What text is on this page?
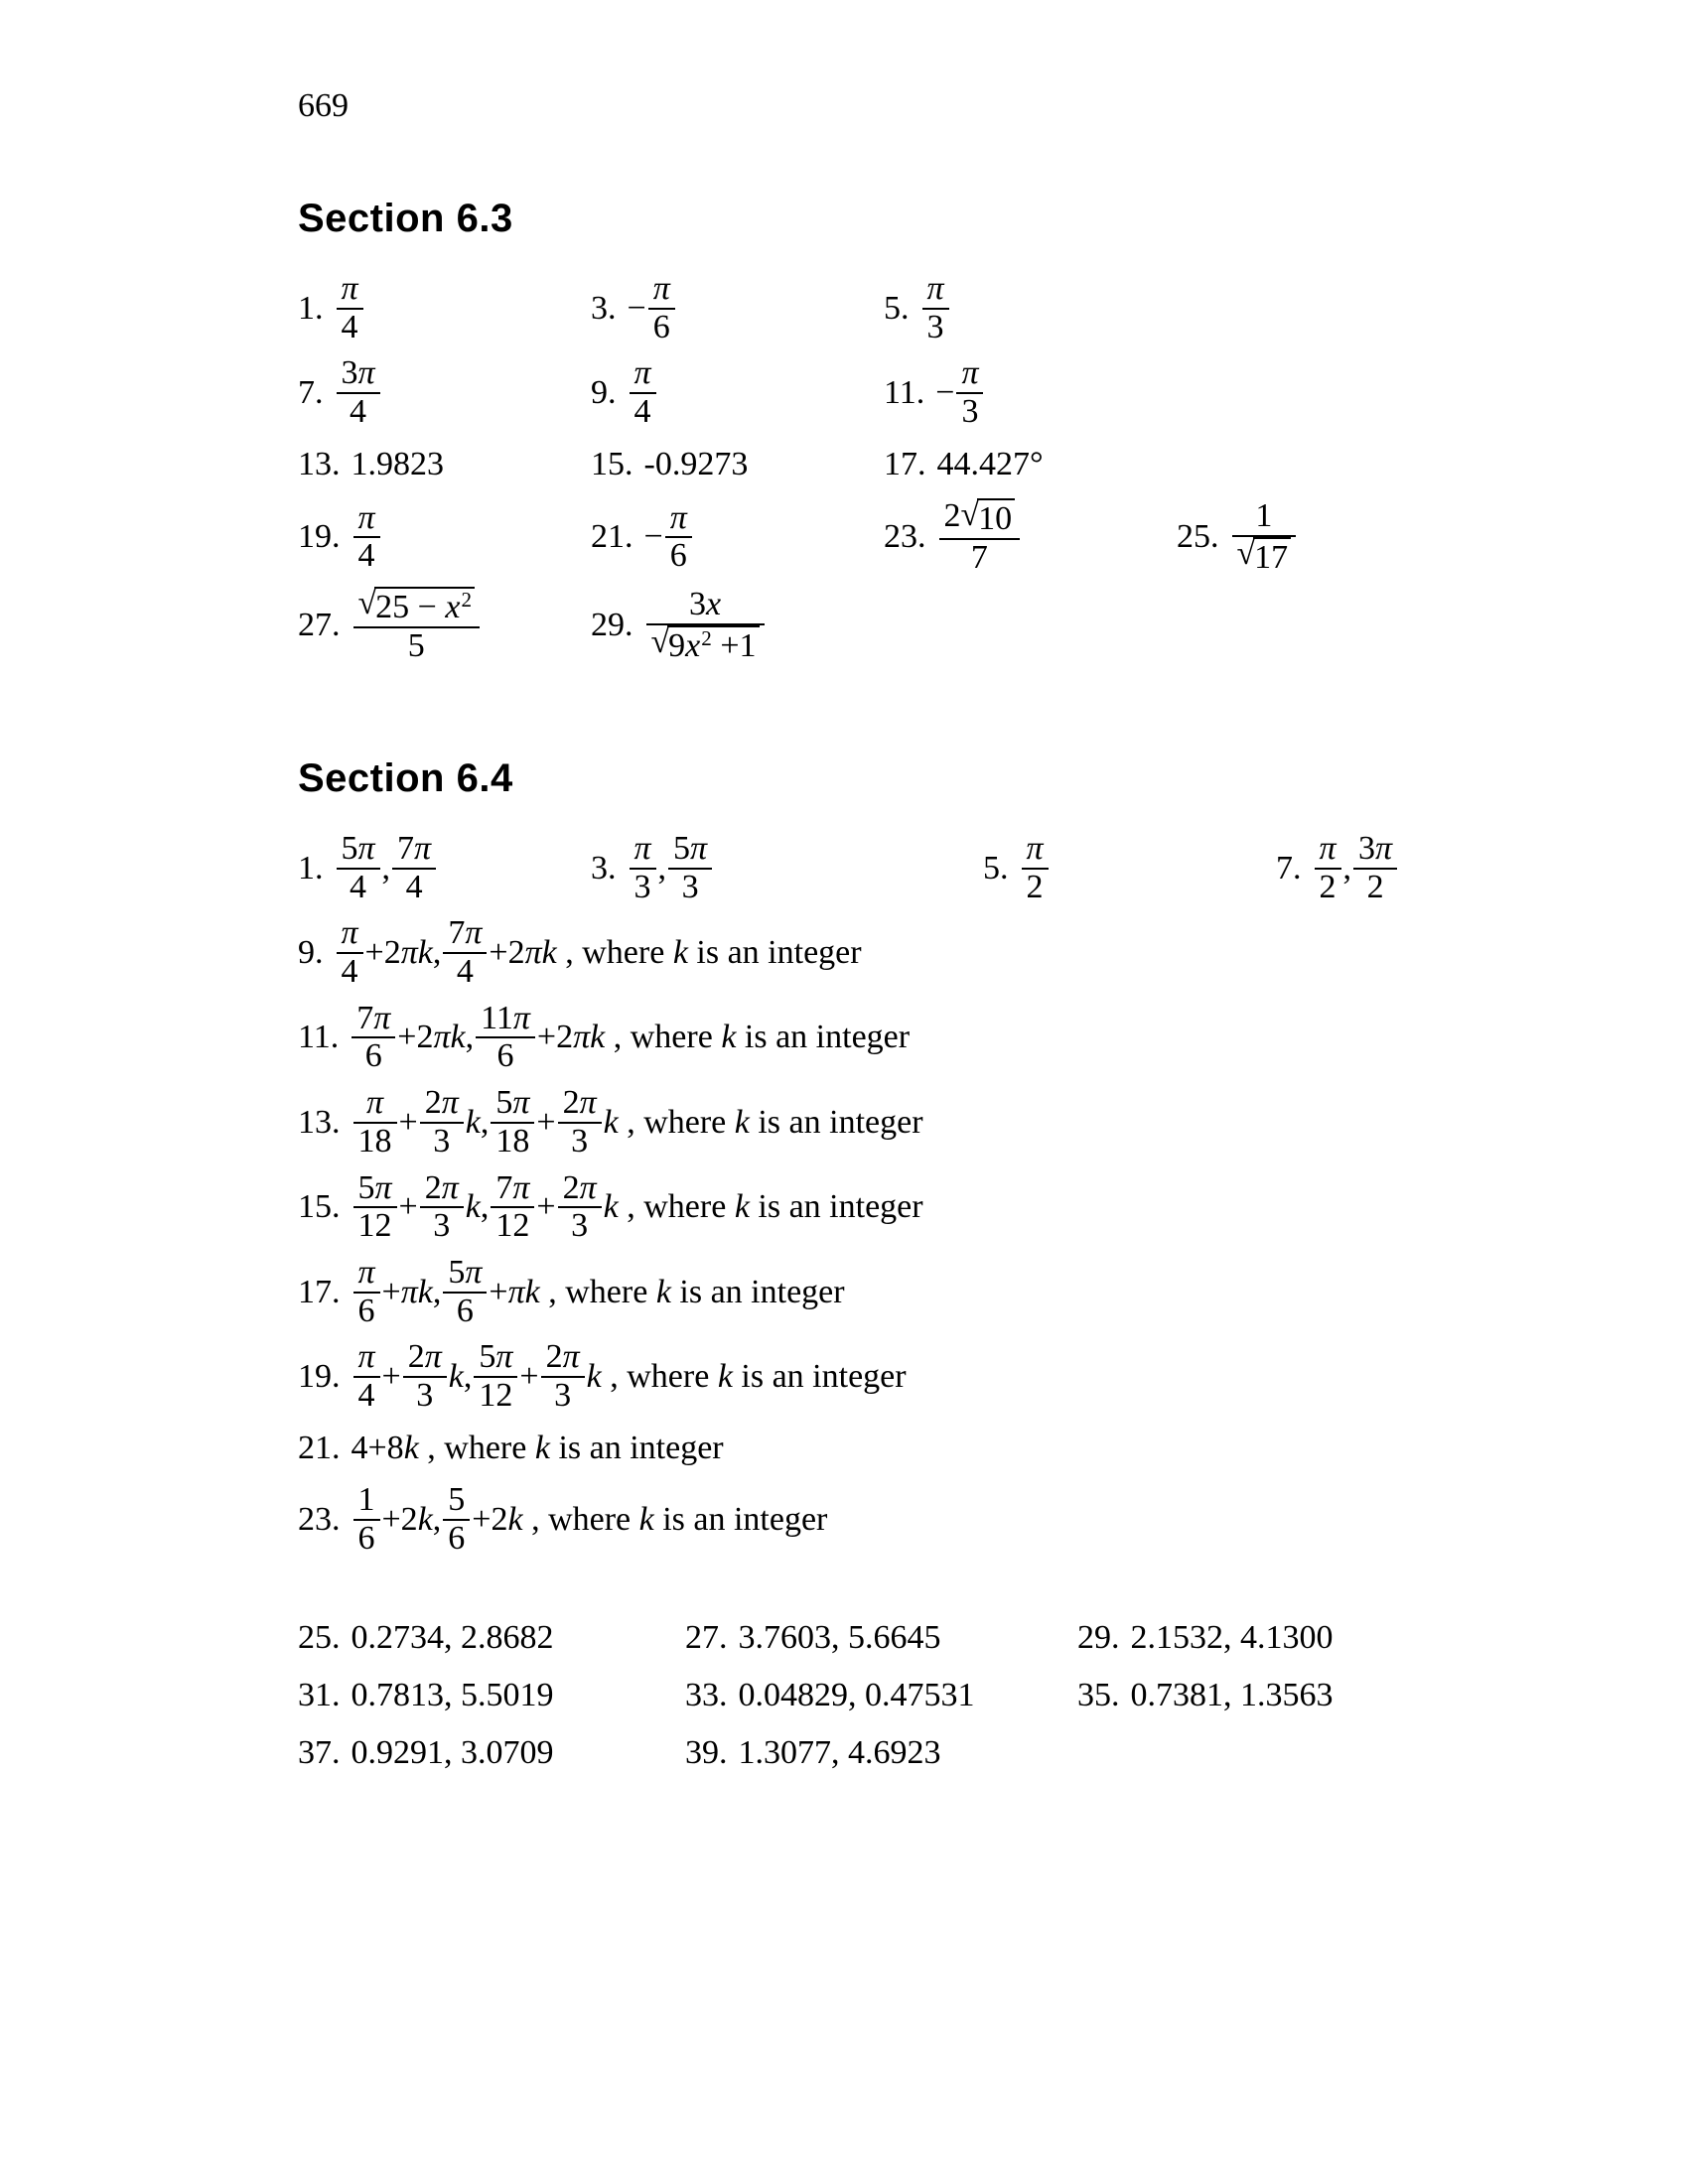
669
Section 6.3
1. $\frac{\pi}{4}$	3. − $\frac{\pi}{6}$	5. $\frac{\pi}{3}$
7. $\frac{3\pi}{4}$	9. $\frac{\pi}{4}$	11. − $\frac{\pi}{3}$
13. 1.9823	15. -0.9273	17. 44.427°
19. $\frac{\pi}{4}$	21. − $\frac{\pi}{6}$	23. $\frac{2 √ 10}{7}$	25. $\frac{1}{√ 17}$
27. $\frac{√ 25 - x^2}{5}$	29. $\frac{3x}{√ 9x^2 +1}$
Section 6.4
1. $\frac{5\pi}{4}$ , $\frac{7\pi}{4}$	3. $\frac{\pi}{3}$ , $\frac{5\pi}{3}$	5. $\frac{\pi}{2}$	7. $\frac{\pi}{2}$ , $\frac{3\pi}{2}$
9. $\frac{\pi}{4} +2$ π k , $\frac{7\pi}{4} +2$ π k , where k is an integer
11. $\frac{7\pi}{6} +2$ π k , $\frac{11\pi}{6} +2$ π k , where k is an integer
13. $\frac{\pi}{18} + \frac{2\pi}{3}$ k , $\frac{5\pi}{18} + \frac{2\pi}{3}$ k , where k is an integer
15. $\frac{5\pi}{12} + \frac{2\pi}{3}$ k , $\frac{7\pi}{12} + \frac{2\pi}{3}$ k , where k is an integer
17. $\frac{\pi}{6} + \pi$ k , $\frac{5\pi}{6} + \pi$ k , where k is an integer
19. $\frac{\pi}{4} + \frac{2\pi}{3}$ k , $\frac{5\pi}{12} + \frac{2\pi}{3}$ k , where k is an integer
21. 4+8 k , where k is an integer
23. $\frac{1}{6} +2$ k , $\frac{5}{6} +2$ k , where k is an integer
25. 0.2734, 2.8682	27. 3.7603, 5.6645	29. 2.1532, 4.1300
31. 0.7813, 5.5019	33. 0.04829, 0.47531	35. 0.7381, 1.3563
37. 0.9291, 3.0709	39. 1.3077, 4.6923
